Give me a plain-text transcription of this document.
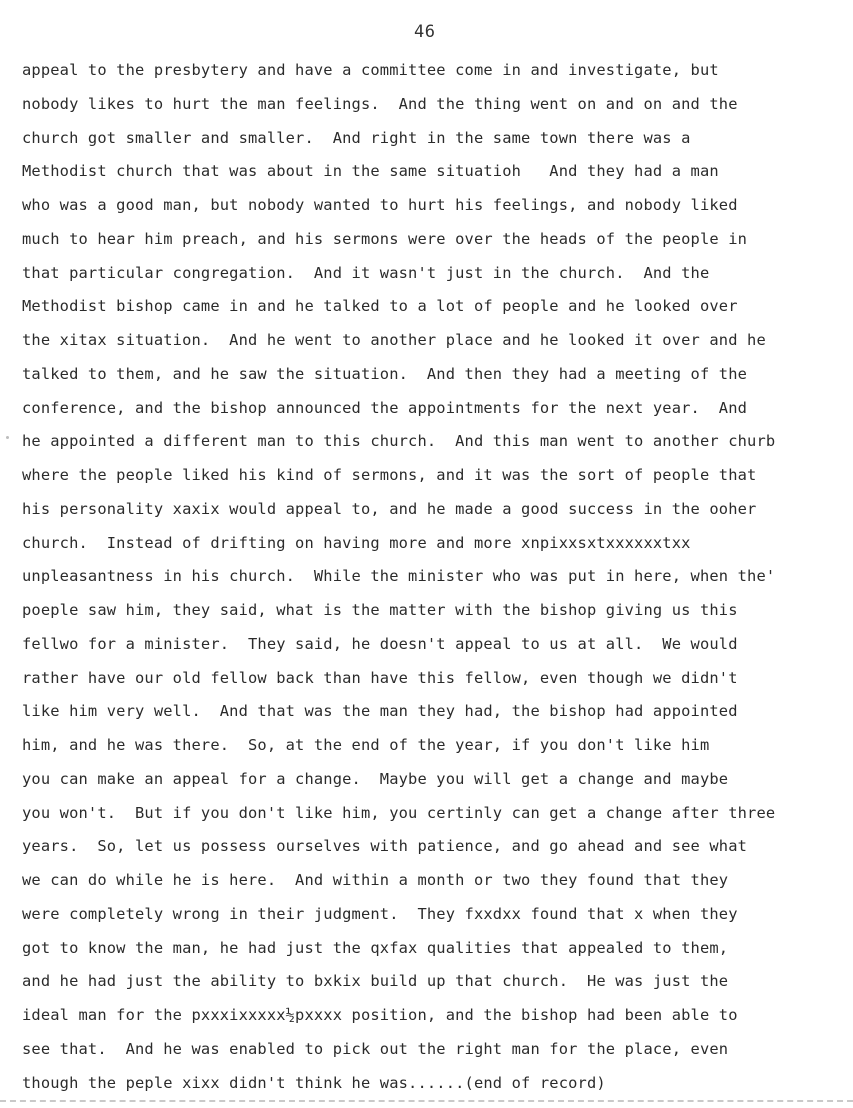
46
appeal to the presbytery and have a committee come in and investigate, but
nobody likes to hurt the man feelings.  And the thing went on and on and the
church got smaller and smaller.  And right in the same town there was a
Methodist church that was about in the same situatioh   And they had a man
who was a good man, but nobody wanted to hurt his feelings, and nobody liked
much to hear him preach, and his sermons were over the heads of the people in
that particular congregation.  And it wasn't just in the church.  And the
Methodist bishop came in and he talked to a lot of people and he looked over
the xitax situation.  And he went to another place and he looked it over and he
talked to them, and he saw the situation.  And then they had a meeting of the
conference, and the bishop announced the appointments for the next year.  And
he appointed a different man to this church.  And this man went to another churb
where the people liked his kind of sermons, and it was the sort of people that
his personality xaxix would appeal to, and he made a good success in the ooher
church.  Instead of drifting on having more and more xnpixxsxtxxxxxxtxx
unpleasantness in his church.  While the minister who was put in here, when the'
poeple saw him, they said, what is the matter with the bishop giving us this
fellwo for a minister.  They said, he doesn't appeal to us at all.  We would
rather have our old fellow back than have this fellow, even though we didn't
like him very well.  And that was the man they had, the bishop had appointed
him, and he was there.  So, at the end of the year, if you don't like him
you can make an appeal for a change.  Maybe you will get a change and maybe
you won't.  But if you don't like him, you certinly can get a change after three
years.  So, let us possess ourselves with patience, and go ahead and see what
we can do while he is here.  And within a month or two they found that they
were completely wrong in their judgment.  They fxxdxx found that x when they
got to know the man, he had just the qxfax qualities that appealed to them,
and he had just the ability to bxkix build up that church.  He was just the
ideal man for the pxxxixxxxx½pxxxx position, and the bishop had been able to
see that.  And he was enabled to pick out the right man for the place, even
though the peple xixx didn't think he was......(end of record)
